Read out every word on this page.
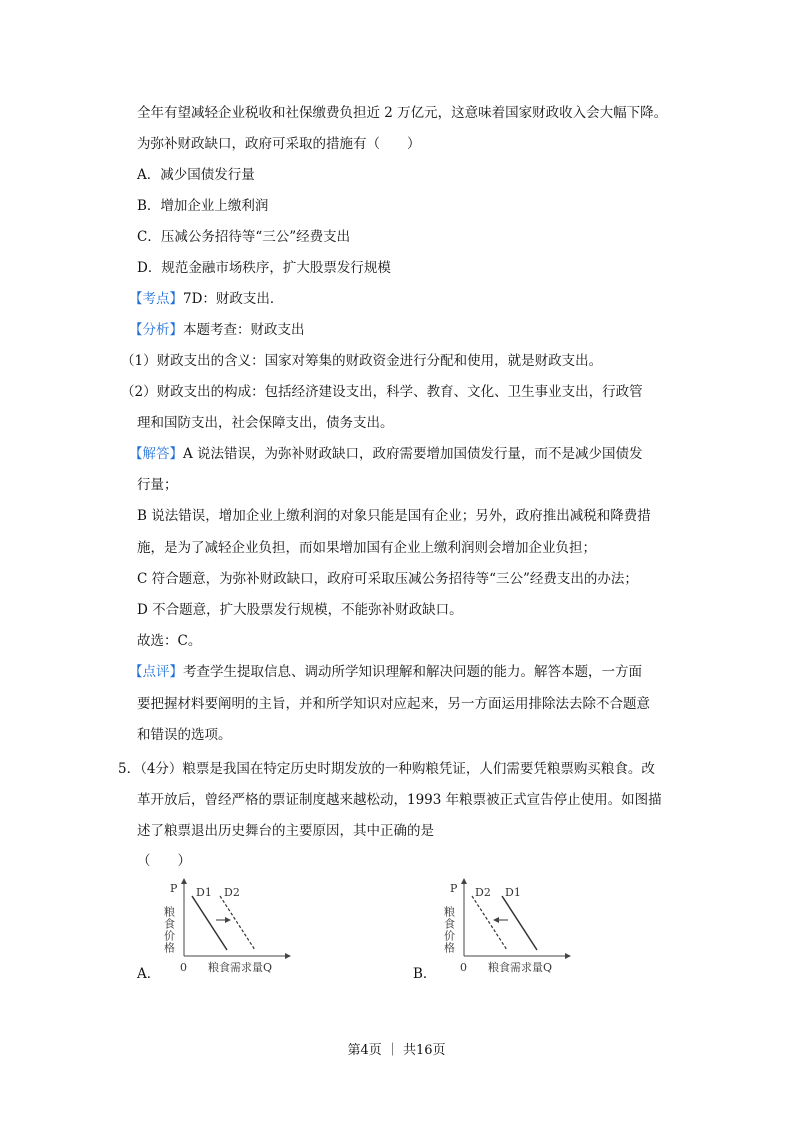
全年有望减轻企业税收和社保缴费负担近 2 万亿元，这意味着国家财政收入会大幅下降。
为弥补财政缺口，政府可采取的措施有（　　）
A．减少国债发行量
B．增加企业上缴利润
C．压减公务招待等“三公”经费支出
D．规范金融市场秩序，扩大股票发行规模
【考点】7D：财政支出．
【分析】本题考查：财政支出
（1）财政支出的含义：国家对筹集的财政资金进行分配和使用，就是财政支出。
（2）财政支出的构成：包括经济建设支出，科学、教育、文化、卫生事业支出，行政管
理和国防支出，社会保障支出，债务支出。
【解答】A 说法错误，为弥补财政缺口，政府需要增加国债发行量，而不是减少国债发
行量；
B 说法错误，增加企业上缴利润的对象只能是国有企业；另外，政府推出减税和降费措
施，是为了减轻企业负担，而如果增加国有企业上缴利润则会增加企业负担；
C 符合题意，为弥补财政缺口，政府可采取压减公务招待等“三公”经费支出的办法；
D 不合题意，扩大股票发行规模，不能弥补财政缺口。
故选：C。
【点评】考查学生提取信息、调动所学知识理解和解决问题的能力。解答本题，一方面
要把握材料要阐明的主旨，并和所学知识对应起来，另一方面运用排除法去除不合题意
和错误的选项。
5．（4分）粮票是我国在特定历史时期发放的一种购粮凭证，人们需要凭粮票购买粮食。改
革开放后，曾经严格的票证制度越来越松动，1993 年粮票被正式宣告停止使用。如图描
述了粮票退出历史舞台的主要原因，其中正确的是
（　　）
A．
P
粮食价格
0 粮食需求量Q
D1 D2
B．
P
粮食价格
0 粮食需求量Q
D2 D1
第4页 ｜ 共16页
